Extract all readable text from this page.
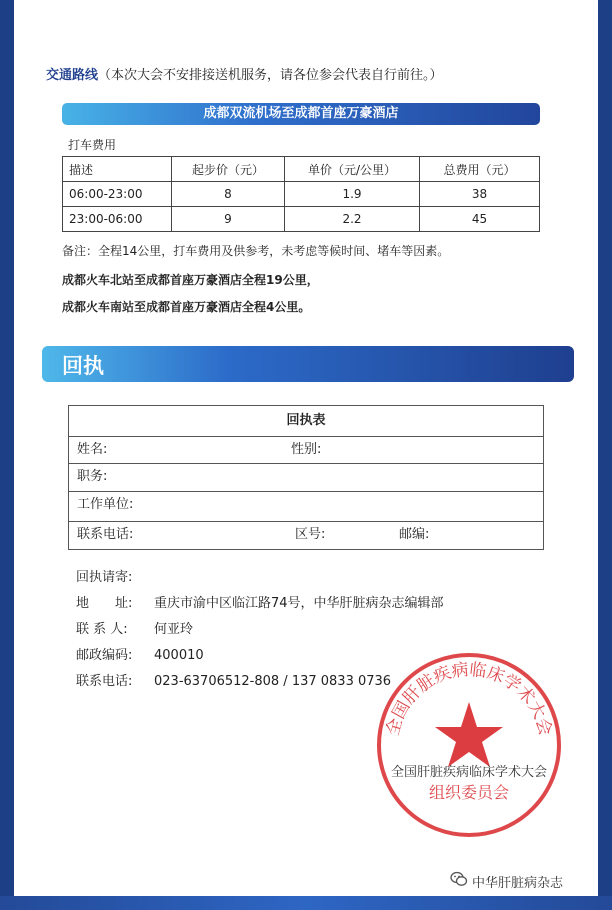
交通路线（本次大会不安排接送机服务，请各位参会代表自行前往。）
成都双流机场至成都首座万豪酒店
打车费用
描述	起步价（元）	单价（元/公里）	总费用（元）
06:00-23:00	8	1.9	38
23:00-06:00	9	2.2	45
备注：全程14公里，打车费用及供参考，未考虑等候时间、堵车等因素。
成都火车北站至成都首座万豪酒店全程19公里，
成都火车南站至成都首座万豪酒店全程4公里。
回执
回执表
姓名:	性别:
职务:
工作单位:
联系电话:	区号:	邮编:
回执请寄:
地　　址: 重庆市渝中区临江路74号，中华肝脏病杂志编辑部
联 系 人: 何亚玲
邮政编码: 400010
联系电话: 023-63706512-808 / 137 0833 0736
全国肝脏疾病临床学术大会
全国肝脏疾病临床学术大会
组织委员会
中华肝脏病杂志
